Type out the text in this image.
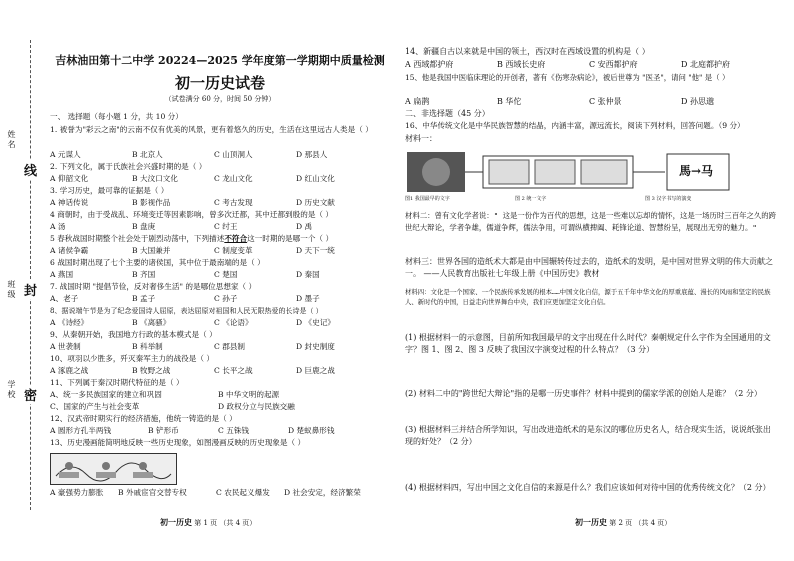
姓名
班级
学校
线
封
密
吉林油田第十二中学 20224—2025 学年度第一学期期中质量检测
初一历史试卷
（试卷满分 60 分，时间 50 分钟）
一、 选择题（每小题 1 分，共 10 分）
1. 被誉为"彩云之南"的云南不仅有优美的风景，更有着悠久的历史，生活在这里远古人类是（ ）
A 元谋人	B 北京人	C 山顶洞人	D 那县人
2. 下列文化，属于氏族社会兴盛时期的是（ ）
A 仰韶文化	B 大汶口文化	C 龙山文化	D 红山文化
3. 学习历史，最可靠的证据是（ ）
A 神话传说	B 影视作品	C 考古发现	D 历史文献
4 商朝时，由于受战乱、环境变迁等因素影响，曾多次迁都，其中迁都到殷的是（ ）
A 汤	B 盘庚	C 纣王	D 禹
5 春秋战国时期整个社会处于剧烈动荡中，下列描述不符合这一时期的是哪一个（ ）
A 诸侯争霸	B 大国兼并	C 制度变革	D 天下一统
6 战国时期出现了七个主要的诸侯国，其中位于最南端的是（ ）
A 燕国	B 齐国	C 楚国	D 秦国
7. 战国时期 "提倡节俭，反对奢侈生活" 的是哪位思想家（ ）
A、老子	B 孟子	C 孙子	D 墨子
8、据说端午节是为了纪念爱国诗人屈原，表达屈原对祖国和人民无限热爱的长诗是（ ）
A 《诗经》	B 《离骚》	C 《论语》	D 《史记》
9、从秦朝开始，我国地方行政的基本模式是（ ）
A 世袭制	B 科举制	C 郡县制	D 封史制度
10、项羽以少胜多，歼灭秦军主力的战役是（ ）
A 涿鹿之战	B 牧野之战	C 长平之战	D 巨鹿之战
11、下列属于秦汉时期代特征的是（ ）
A、统一多民族国家的建立和巩固	B 中华文明的起源
C、国家的产生与社会变革	D 政权分立与民族交融
12、汉武帝时期实行的经济措施，他统一铸造的是（ ）
A 圆形方孔半两钱	B 铲形币	C 五铢钱	D 楚蚁鼻形钱
13、历史漫画能简明地反映一些历史现象，如图漫画反映的历史现象是（ ）
A 豪强势力膨胀 B 外戚宦官交替专权	C 农民起义爆发 D 社会安定，经济繁荣
初一历史 第 1 页 （共 4 页）
14、新疆自古以来就是中国的领土，西汉时在西域设置的机构是（ ）
A 西域都护府	B 西域长史府	C 安西都护府	D 北庭都护府
15、他是我国中医临床理论的开创者，著有《伤寒杂病论》，被后世尊为 "医圣"，请问 "他" 是（ ）
A 扁鹊	B 华佗	C 张仲景	D 孙思邈
二、非选择题（45 分）
16、中华传统文化是中华民族智慧的结晶，内涵丰富，源远流长，阅读下列材料，回答问题。（9 分）
材料一：
馬→马
图1 我国最早的文字	图 2 统一文字	图 3 汉字书写的演变
材料二：曾有文化学者说：" 这是一份作为百代的思想，这是一些难以忘却的情怀，这是一场历时三百年之久的跨世纪大辩论，学者争雄，儒道争辉，儒法争用，可谓纵横捭阖、耗锋论道、智慧纷呈，展现出无穷的魅力。"
材料三：世界各国的造纸术大都是由中国辗转传过去的，造纸术的发明，是中国对世界文明的伟大贡献之一。 ——人民教育出版社七年级上册《中国历史》教材
材料四：文化是一个国家、一个民族传承发展的根本……中国文化自信，源于五千年中华文化的厚重底蕴、漫长的风雨和坚定的民族人、新时代的中国，日益走向世界舞台中央，我们应更加坚定文化自信。
(1) 根据材料一的示意图，目前所知我国最早的文字出现在什么时代？秦朝规定什么字作为全国通用的文字？图 1、图 2、图 3 反映了我国汉字演变过程的什么特点？（3 分）
(2) 材料二中的"跨世纪大辩论"指的是哪一历史事件？材料中提到的儒家学派的创始人是谁？（2 分）
(3) 根据材料三并结合所学知识，写出改进造纸术的是东汉的哪位历史名人，结合现实生活，说说纸张出现的好处？（2 分）
(4) 根据材料四，写出中国之文化自信的来源是什么？我们应该如何对待中国的优秀传统文化？（2 分）
初一历史 第 2 页 （共 4 页）
